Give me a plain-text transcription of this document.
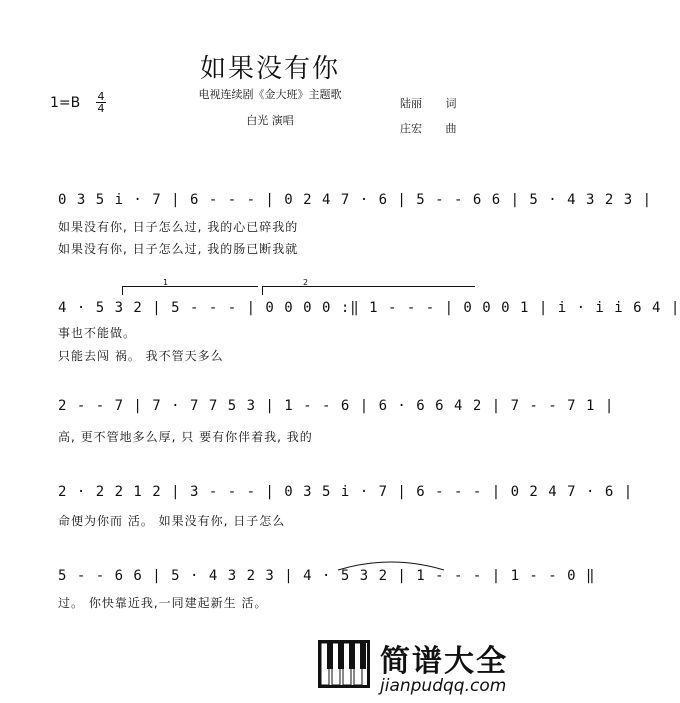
如果没有你
电视连续剧《金大班》主题歌
白光 演唱
1=B 4
4	陆丽 词
庄宏 曲
0 3 5 i · 7 | 6 - - - | 0 2 4 7 · 6 | 5 - - 6 6 | 5 · 4 3 2 3 |
如果没有你, 日子怎么过, 我的心已碎我的
如果没有你, 日子怎么过, 我的肠已断我就
1	2
4 · 5 3 2 | 5 - - - | 0 0 0 0 :‖ 1 - - - | 0 0 0 1 | i · i i 6 4 |
事也不能做。
只能去闯 祸。 我不管天多么
2 - - 7 | 7 · 7 7 5 3 | 1 - - 6 | 6 · 6 6 4 2 | 7 - - 7 1 |
高, 更不管地多么厚, 只 要有你伴着我, 我的
2 · 2 2 1 2 | 3 - - - | 0 3 5 i · 7 | 6 - - - | 0 2 4 7 · 6 |
命便为你而 活。 如果没有你, 日子怎么
5 - - 6 6 | 5 · 4 3 2 3 | 4 · 5 3 2 | 1 - - - | 1 - - 0 ‖
过。 你快靠近我,一同建起新生 活。
简谱大全
jianpudqq.com
